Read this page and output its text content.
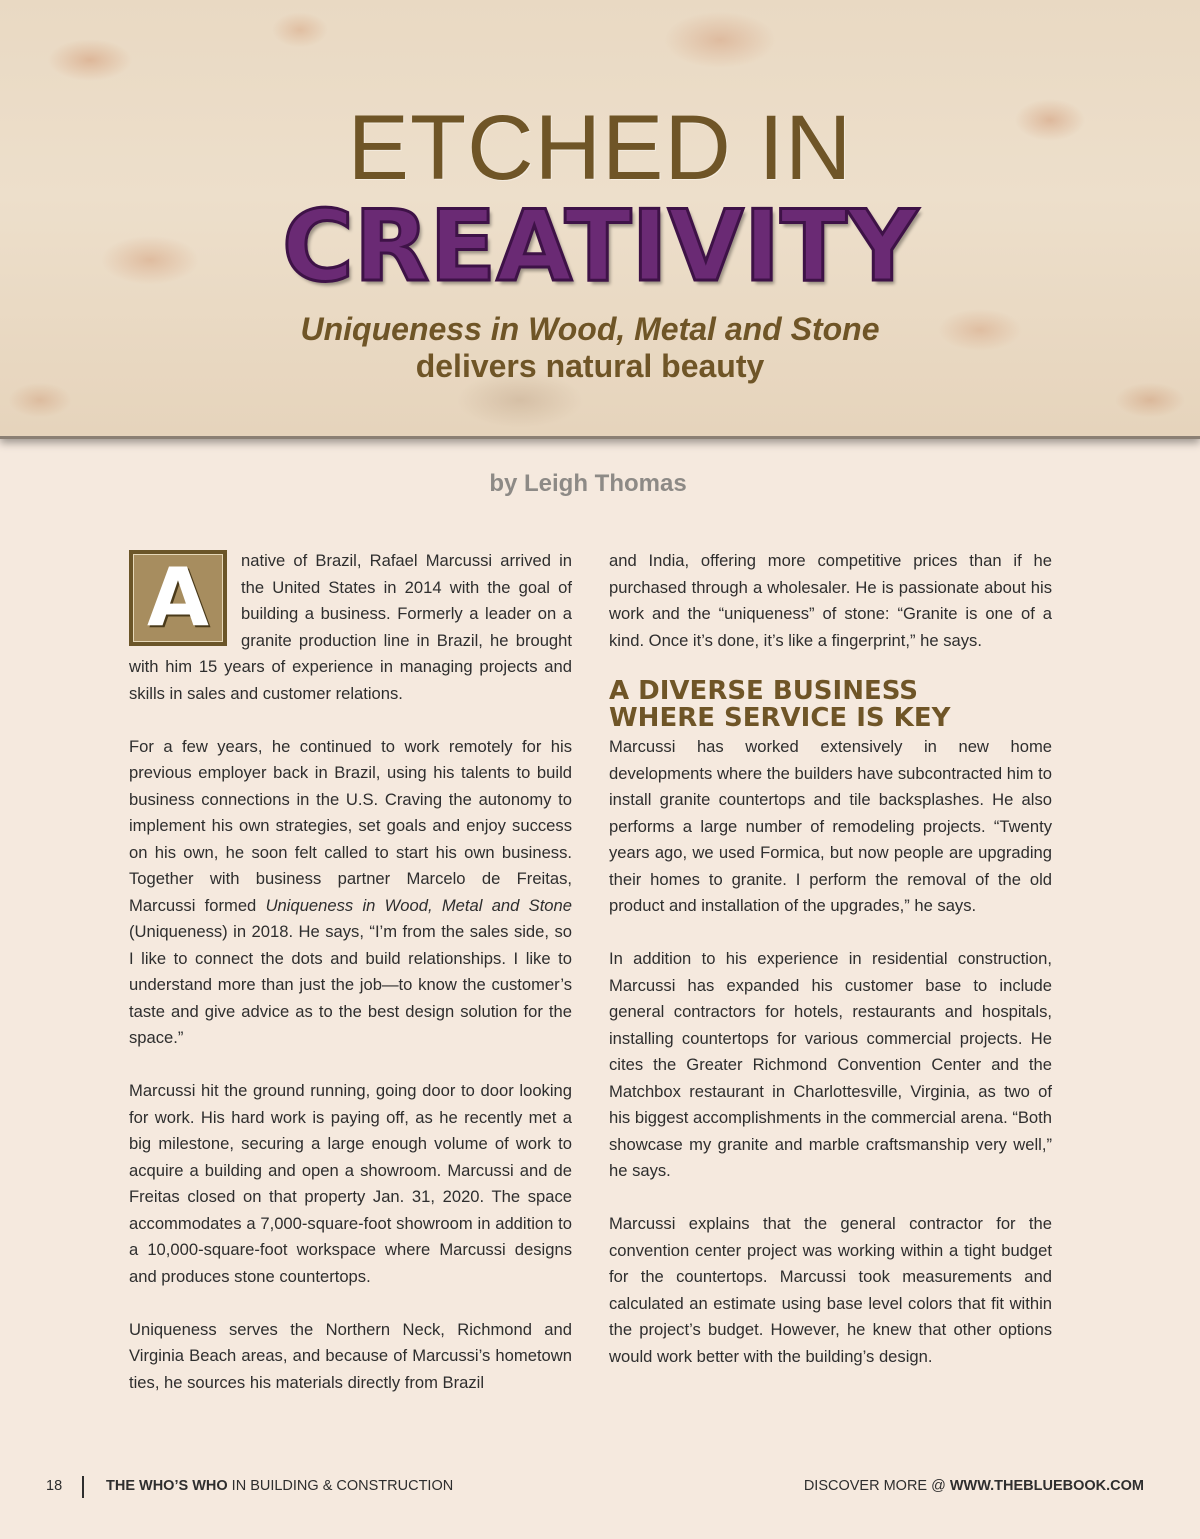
ETCHED IN
CREATIVITY
Uniqueness in Wood, Metal and Stone
delivers natural beauty
by Leigh Thomas
A	native of Brazil, Rafael Marcussi arrived in the United States in 2014 with the goal of building a business. Formerly a leader on a granite production line in Brazil, he brought with him 15 years of experience in managing projects and skills in sales and customer relations.

For a few years, he continued to work remotely for his previous employer back in Brazil, using his talents to build business connections in the U.S. Craving the autonomy to implement his own strategies, set goals and enjoy success on his own, he soon felt called to start his own business. Together with business partner Marcelo de Freitas, Marcussi formed Uniqueness in Wood, Metal and Stone (Uniqueness) in 2018. He says, “I’m from the sales side, so I like to connect the dots and build relationships. I like to understand more than just the job—to know the customer’s taste and give advice as to the best design solution for the space.”

Marcussi hit the ground running, going door to door looking for work. His hard work is paying off, as he recently met a big milestone, securing a large enough volume of work to acquire a building and open a showroom. Marcussi and de Freitas closed on that property Jan. 31, 2020. The space accommodates a 7,000-square-foot showroom in addition to a 10,000-square-foot workspace where Marcussi designs and produces stone countertops.

Uniqueness serves the Northern Neck, Richmond and Virginia Beach areas, and because of Marcussi’s hometown ties, he sources his materials directly from Brazil

and India, offering more competitive prices than if he purchased through a wholesaler. He is passionate about his work and the “uniqueness” of stone: “Granite is one of a kind. Once it’s done, it’s like a fingerprint,” he says.

A DIVERSE BUSINESS
WHERE SERVICE IS KEY

Marcussi has worked extensively in new home developments where the builders have subcontracted him to install granite countertops and tile backsplashes. He also performs a large number of remodeling projects. “Twenty years ago, we used Formica, but now people are upgrading their homes to granite. I perform the removal of the old product and installation of the upgrades,” he says.

In addition to his experience in residential construction, Marcussi has expanded his customer base to include general contractors for hotels, restaurants and hospitals, installing countertops for various commercial projects. He cites the Greater Richmond Convention Center and the Matchbox restaurant in Charlottesville, Virginia, as two of his biggest accomplishments in the commercial arena. “Both showcase my granite and marble craftsmanship very well,” he says.

Marcussi explains that the general contractor for the convention center project was working within a tight budget for the countertops. Marcussi took measurements and calculated an estimate using base level colors that fit within the project’s budget. However, he knew that other options would work better with the building’s design.

18	THE WHO’S WHO IN BUILDING & CONSTRUCTION	DISCOVER MORE @ WWW.THEBLUEBOOK.COM
